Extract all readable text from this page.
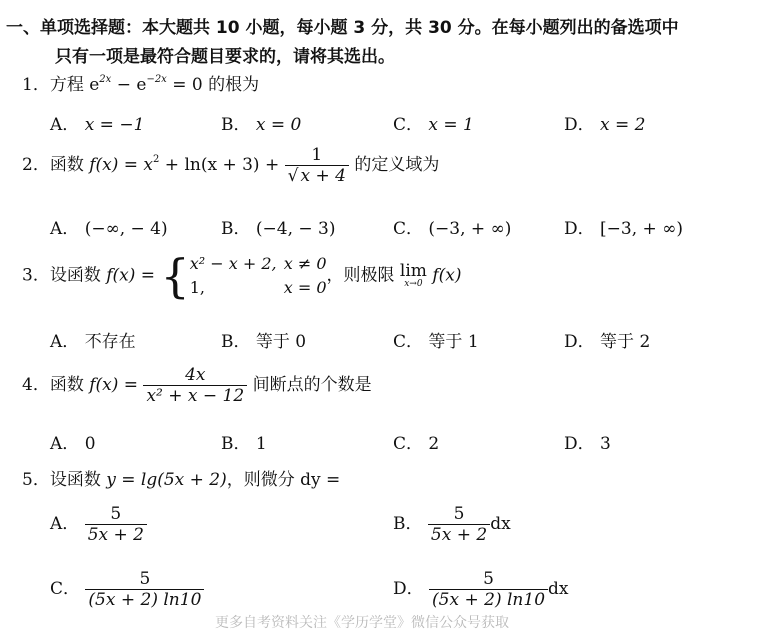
一、单项选择题：本大题共 10 小题，每小题 3 分，共 30 分。在每小题列出的备选项中
只有一项是最符合题目要求的，请将其选出。
1．方程 $e^{2x} - e^{-2x} = 0$ 的根为
A． x = −1	B． x = 0	C． x = 1	D． x = 2
2．函数 $f(x) = x^2 + \ln(x + 3) + \frac{1}{√ x + 4}$ 的定义域为
A． (−∞, − 4)	B． (−4, − 3)	C． (−3, + ∞)	D． [−3, + ∞)
3．设函数 f(x) = { x² − x + 2, x ≠ 0
1,	x = 0
，则极限 lim
x→0 f(x)
A． 不存在	B． 等于 0	C． 等于 1	D． 等于 2
4．函数 $f(x) = \frac{4x}{\text{x² + x − 12}}$ 间断点的个数是
A． 0	B． 1	C． 2	D． 3
5．设函数 y = lg(5x + 2)，则微分 dy =
A． $\frac{5}{5x + 2}$	B． $\frac{5}{5x + 2}$ dx
C． $\frac{5}{(5x + 2) \ln 10}$	D． $\frac{5}{(5x + 2) \ln 10}$ dx
更多自考资料关注《学历学堂》微信公众号获取
